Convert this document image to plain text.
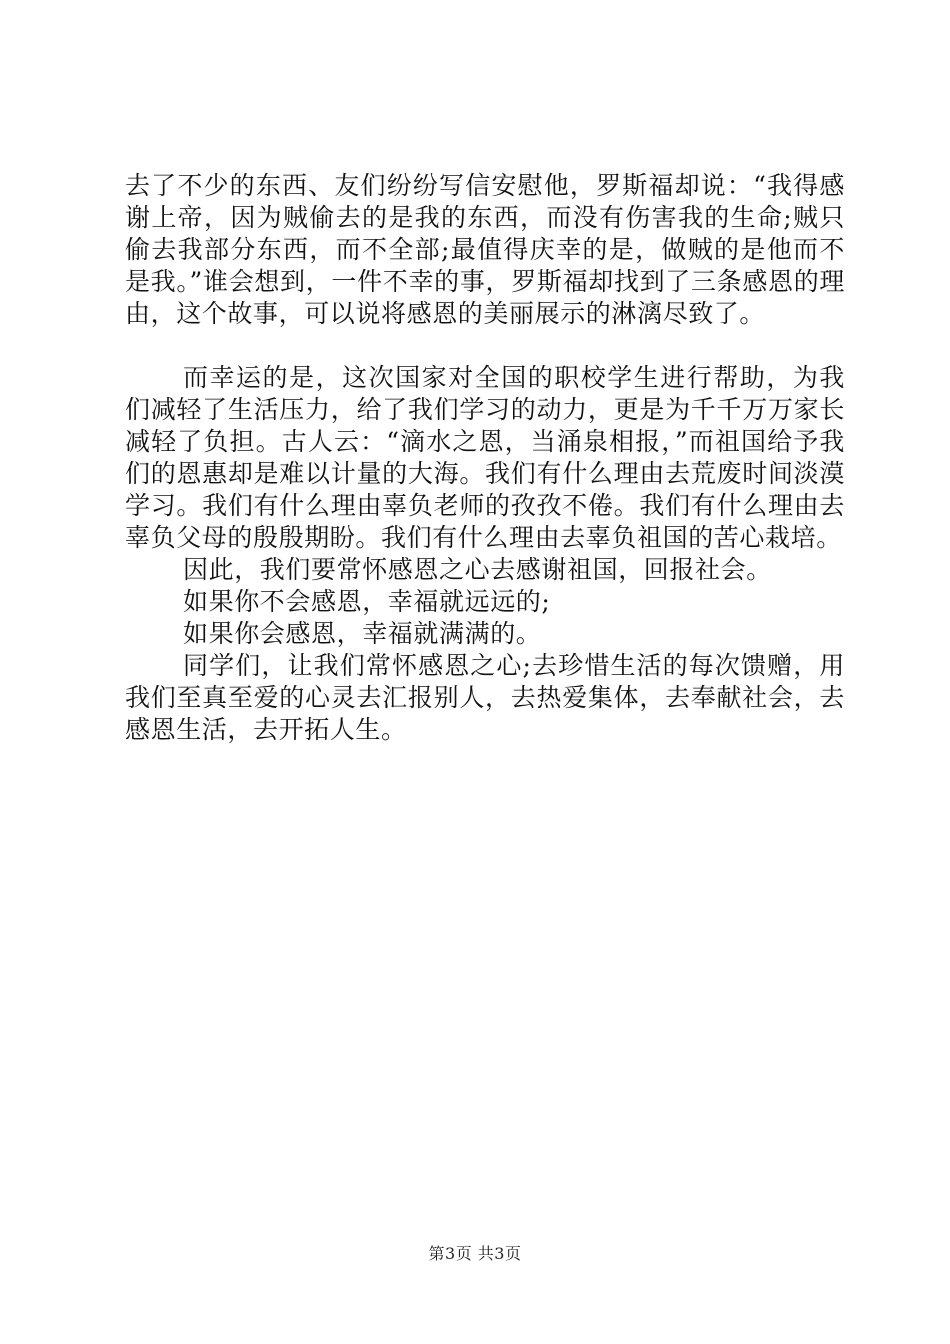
去了不少的东西、友们纷纷写信安慰他，罗斯福却说：“我得感谢上帝，因为贼偷去的是我的东西，而没有伤害我的生命;贼只偷去我部分东西，而不全部;最值得庆幸的是，做贼的是他而不是我。”谁会想到，一件不幸的事，罗斯福却找到了三条感恩的理由，这个故事，可以说将感恩的美丽展示的淋漓尽致了。

而幸运的是，这次国家对全国的职校学生进行帮助，为我们减轻了生活压力，给了我们学习的动力，更是为千千万万家长减轻了负担。古人云：“滴水之恩，当涌泉相报，”而祖国给予我们的恩惠却是难以计量的大海。我们有什么理由去荒废时间淡漠学习。我们有什么理由辜负老师的孜孜不倦。我们有什么理由去辜负父母的殷殷期盼。我们有什么理由去辜负祖国的苦心栽培。

因此，我们要常怀感恩之心去感谢祖国，回报社会。

如果你不会感恩，幸福就远远的;

如果你会感恩，幸福就满满的。

同学们，让我们常怀感恩之心;去珍惜生活的每次馈赠，用我们至真至爱的心灵去汇报别人，去热爱集体，去奉献社会，去感恩生活，去开拓人生。

第3页 共3页
